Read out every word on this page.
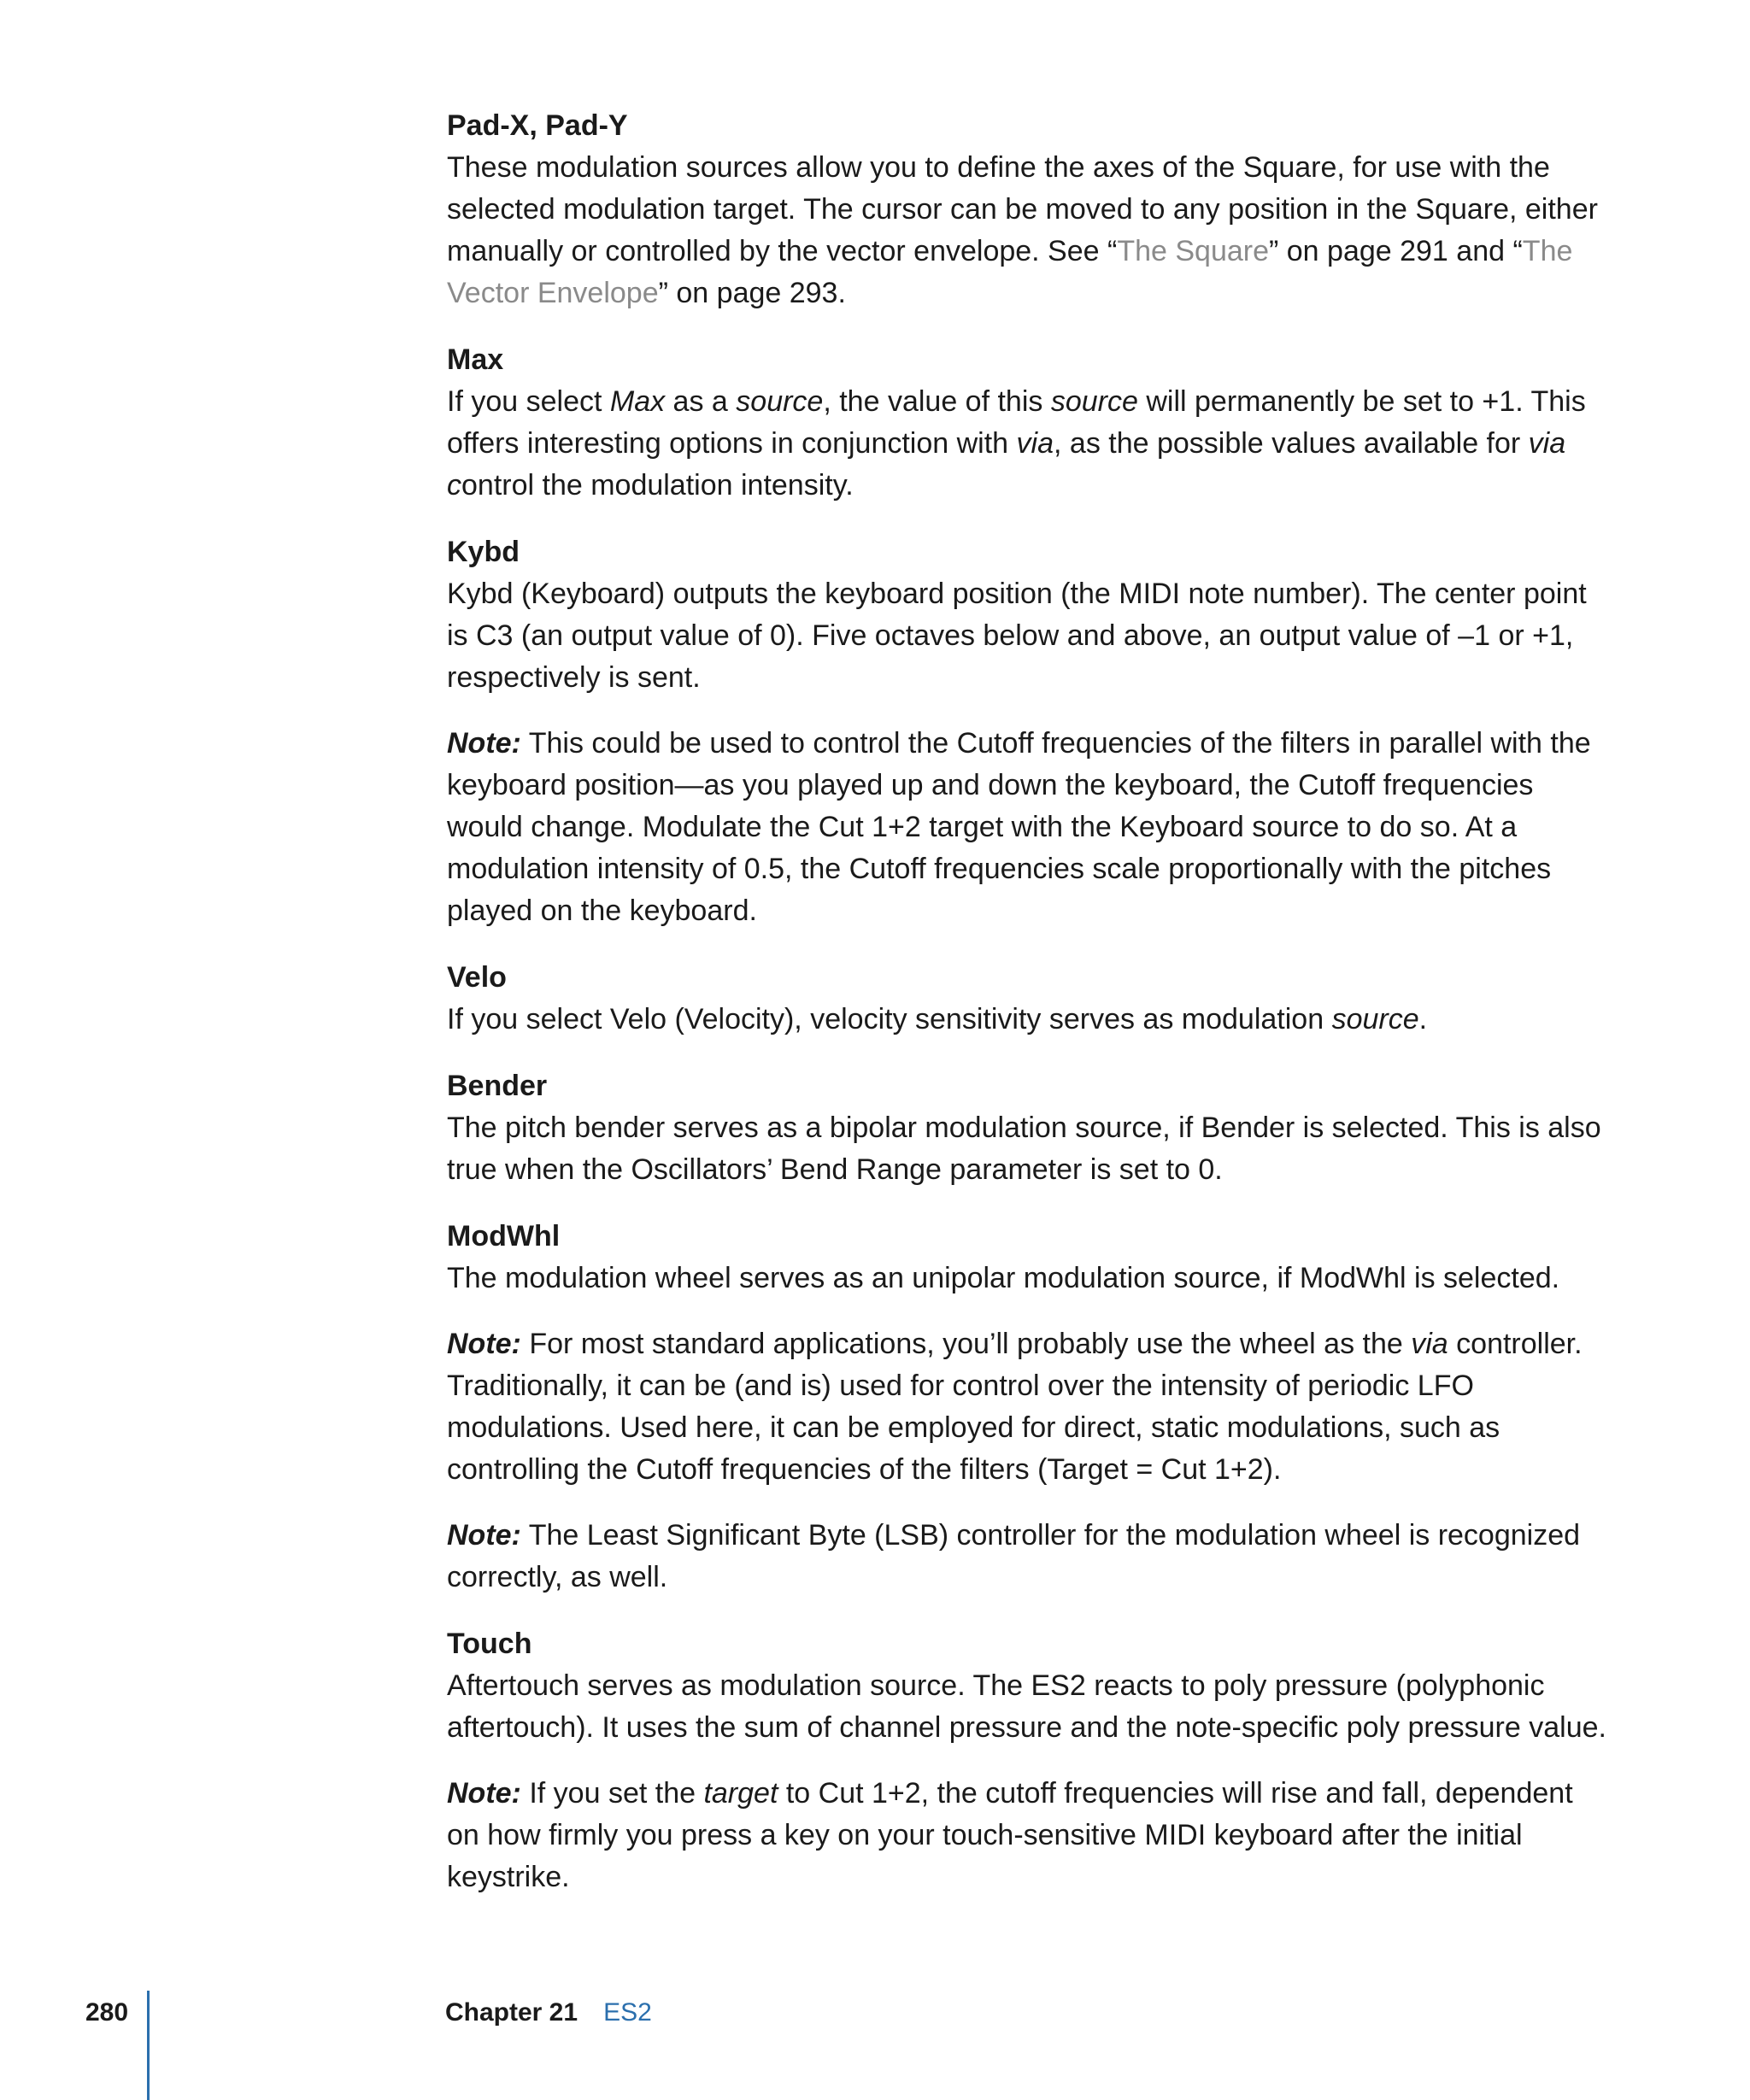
Pad-X, Pad-Y

These modulation sources allow you to define the axes of the Square, for use with the selected modulation target. The cursor can be moved to any position in the Square, either manually or controlled by the vector envelope. See “The Square” on page 291 and “The Vector Envelope” on page 293.

Max

If you select Max as a source, the value of this source will permanently be set to +1. This offers interesting options in conjunction with via, as the possible values available for via control the modulation intensity.

Kybd

Kybd (Keyboard) outputs the keyboard position (the MIDI note number). The center point is C3 (an output value of 0). Five octaves below and above, an output value of –1 or +1, respectively is sent.

Note: This could be used to control the Cutoff frequencies of the filters in parallel with the keyboard position—as you played up and down the keyboard, the Cutoff frequencies would change. Modulate the Cut 1+2 target with the Keyboard source to do so. At a modulation intensity of 0.5, the Cutoff frequencies scale proportionally with the pitches played on the keyboard.

Velo

If you select Velo (Velocity), velocity sensitivity serves as modulation source.

Bender

The pitch bender serves as a bipolar modulation source, if Bender is selected. This is also true when the Oscillators’ Bend Range parameter is set to 0.

ModWhl

The modulation wheel serves as an unipolar modulation source, if ModWhl is selected.

Note: For most standard applications, you’ll probably use the wheel as the via controller. Traditionally, it can be (and is) used for control over the intensity of periodic LFO modulations. Used here, it can be employed for direct, static modulations, such as controlling the Cutoff frequencies of the filters (Target = Cut 1+2).

Note: The Least Significant Byte (LSB) controller for the modulation wheel is recognized correctly, as well.

Touch

Aftertouch serves as modulation source. The ES2 reacts to poly pressure (polyphonic aftertouch). It uses the sum of channel pressure and the note-specific poly pressure value.

Note: If you set the target to Cut 1+2, the cutoff frequencies will rise and fall, dependent on how firmly you press a key on your touch-sensitive MIDI keyboard after the initial keystrike.

280	Chapter 21 ES2
